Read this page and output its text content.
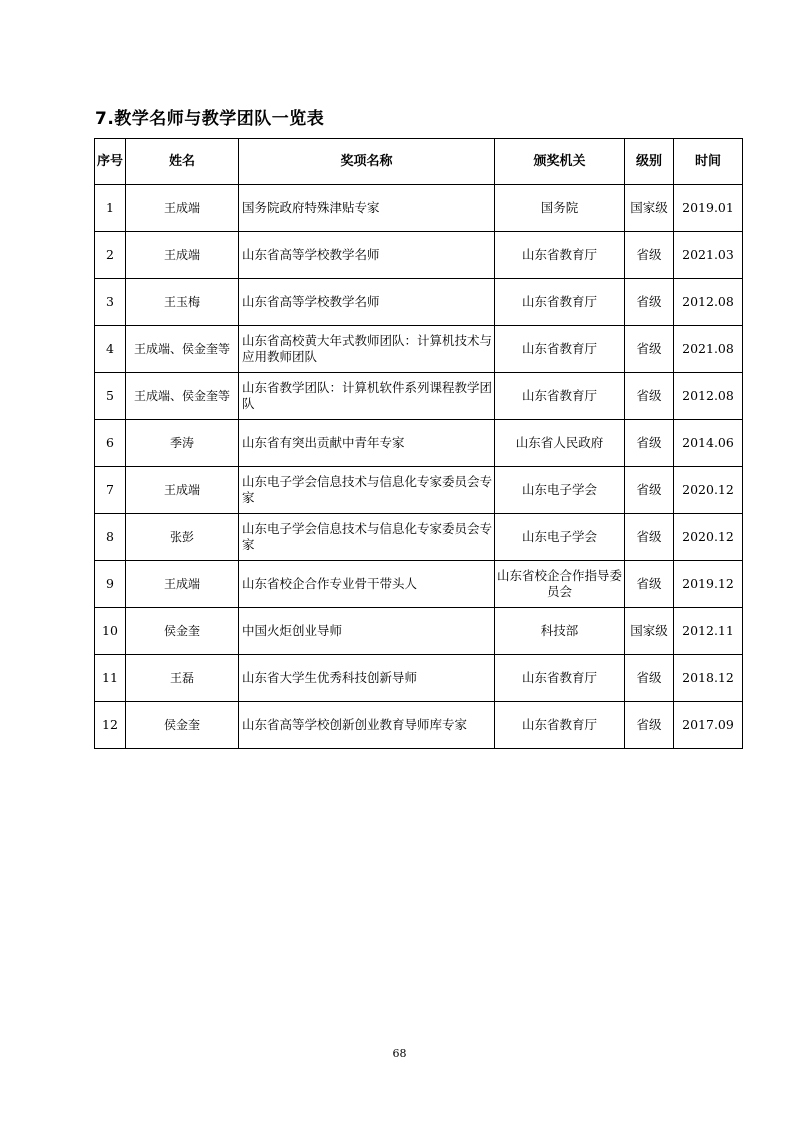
7.教学名师与教学团队一览表
序号	姓名	奖项名称	颁奖机关	级别	时间
1	王成端	国务院政府特殊津贴专家	国务院	国家级	2019.01
2	王成端	山东省高等学校教学名师	山东省教育厅	省级	2021.03
3	王玉梅	山东省高等学校教学名师	山东省教育厅	省级	2012.08
4	王成端、侯金奎等	山东省高校黄大年式教师团队：计算机技术与应用教师团队	山东省教育厅	省级	2021.08
5	王成端、侯金奎等	山东省教学团队：计算机软件系列课程教学团队	山东省教育厅	省级	2012.08
6	季涛	山东省有突出贡献中青年专家	山东省人民政府	省级	2014.06
7	王成端	山东电子学会信息技术与信息化专家委员会专家	山东电子学会	省级	2020.12
8	张彭	山东电子学会信息技术与信息化专家委员会专家	山东电子学会	省级	2020.12
9	王成端	山东省校企合作专业骨干带头人	山东省校企合作指导委员会	省级	2019.12
10	侯金奎	中国火炬创业导师	科技部	国家级	2012.11
11	王磊	山东省大学生优秀科技创新导师	山东省教育厅	省级	2018.12
12	侯金奎	山东省高等学校创新创业教育导师库专家	山东省教育厅	省级	2017.09
68
